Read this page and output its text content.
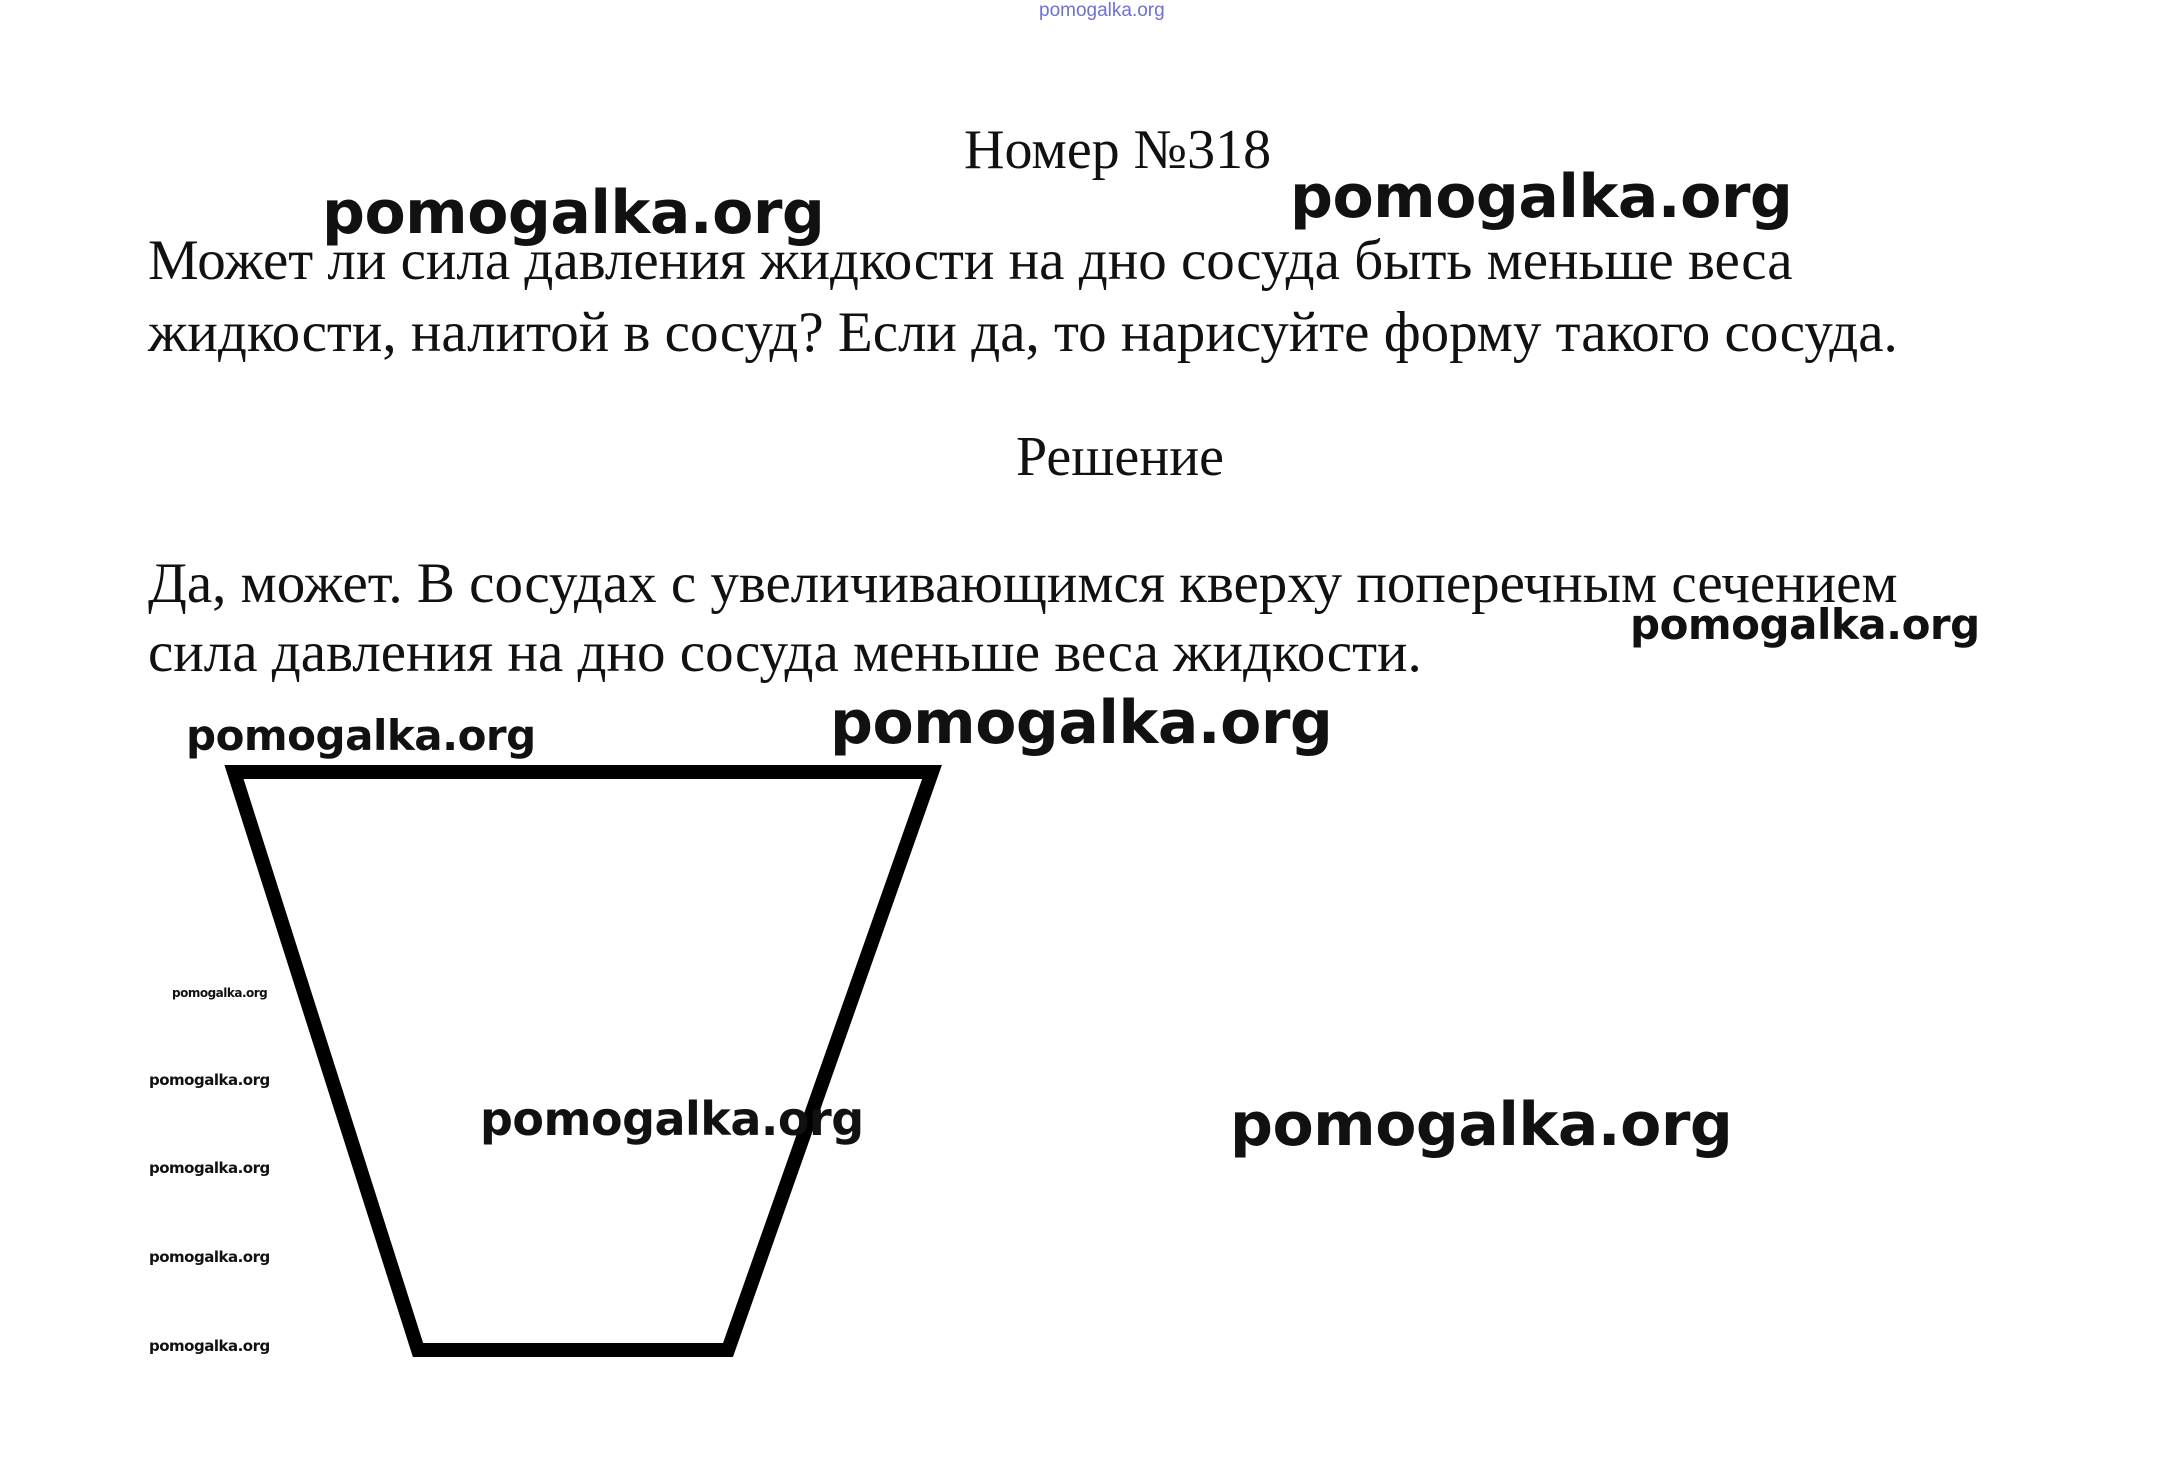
pomogalka.org
Номер №318
Может ли сила давления жидкости на дно сосуда быть меньше веса
жидкости, налитой в сосуд? Если да, то нарисуйте форму такого сосуда.
Решение
Да, может. В сосудах с увеличивающимся кверху поперечным сечением
сила давления на дно сосуда меньше веса жидкости.
pomogalka.org	pomogalka.org
pomogalka.org
pomogalka.org	pomogalka.org
pomogalka.org	pomogalka.org
pomogalka.org
pomogalka.org
pomogalka.org
pomogalka.org
pomogalka.org
